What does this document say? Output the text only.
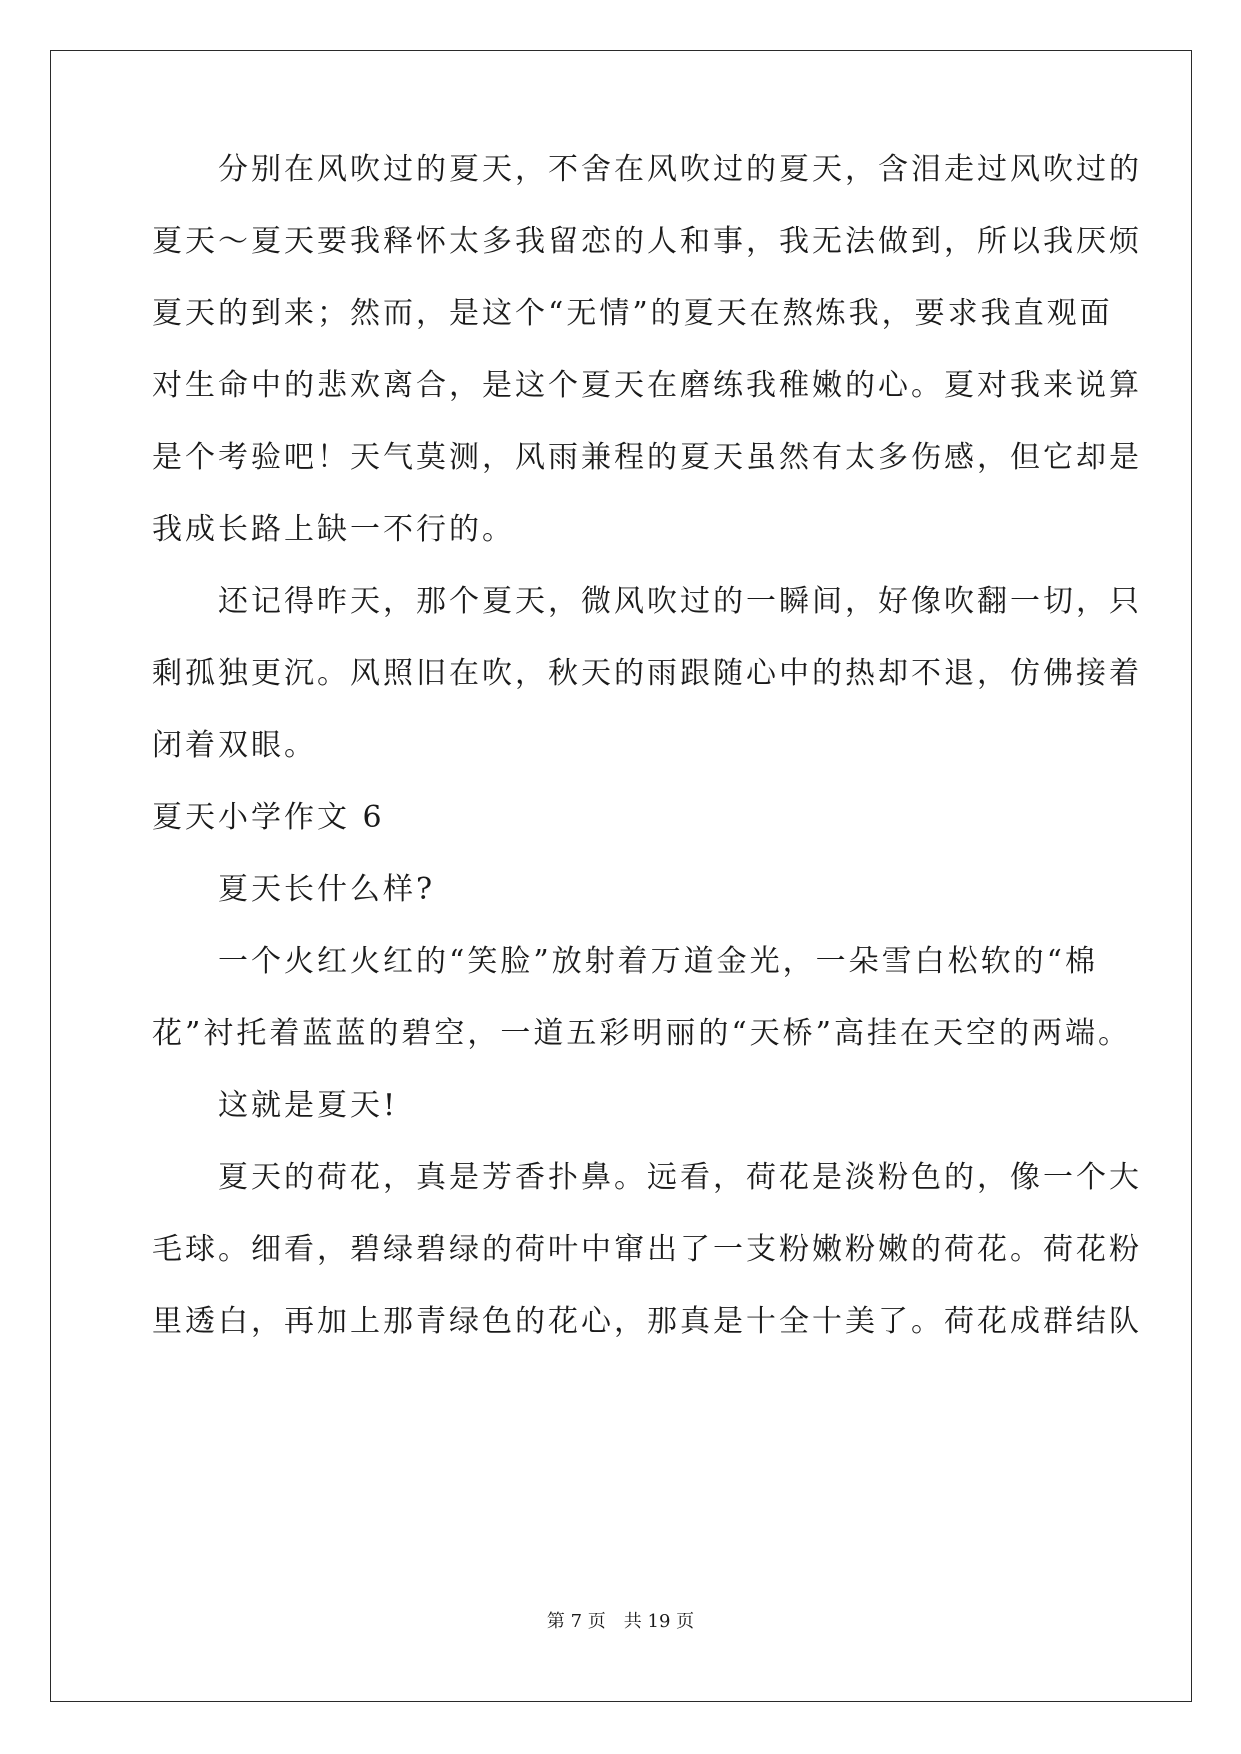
　　分别在风吹过的夏天，不舍在风吹过的夏天，含泪走过风吹过的
夏天～夏天要我释怀太多我留恋的人和事，我无法做到，所以我厌烦
夏天的到来；然而，是这个“无情”的夏天在熬炼我，要求我直观面
对生命中的悲欢离合，是这个夏天在磨练我稚嫩的心。夏对我来说算
是个考验吧！天气莫测，风雨兼程的夏天虽然有太多伤感，但它却是
我成长路上缺一不行的。
　　还记得昨天，那个夏天，微风吹过的一瞬间，好像吹翻一切，只
剩孤独更沉。风照旧在吹，秋天的雨跟随心中的热却不退，仿佛接着
闭着双眼。
夏天小学作文 6
　　夏天长什么样?
　　一个火红火红的“笑脸”放射着万道金光，一朵雪白松软的“棉
花”衬托着蓝蓝的碧空，一道五彩明丽的“天桥”高挂在天空的两端。
　　这就是夏天!
　　夏天的荷花，真是芳香扑鼻。远看，荷花是淡粉色的，像一个大
毛球。细看，碧绿碧绿的荷叶中窜出了一支粉嫩粉嫩的荷花。荷花粉
里透白，再加上那青绿色的花心，那真是十全十美了。荷花成群结队
第 7 页　共 19 页
